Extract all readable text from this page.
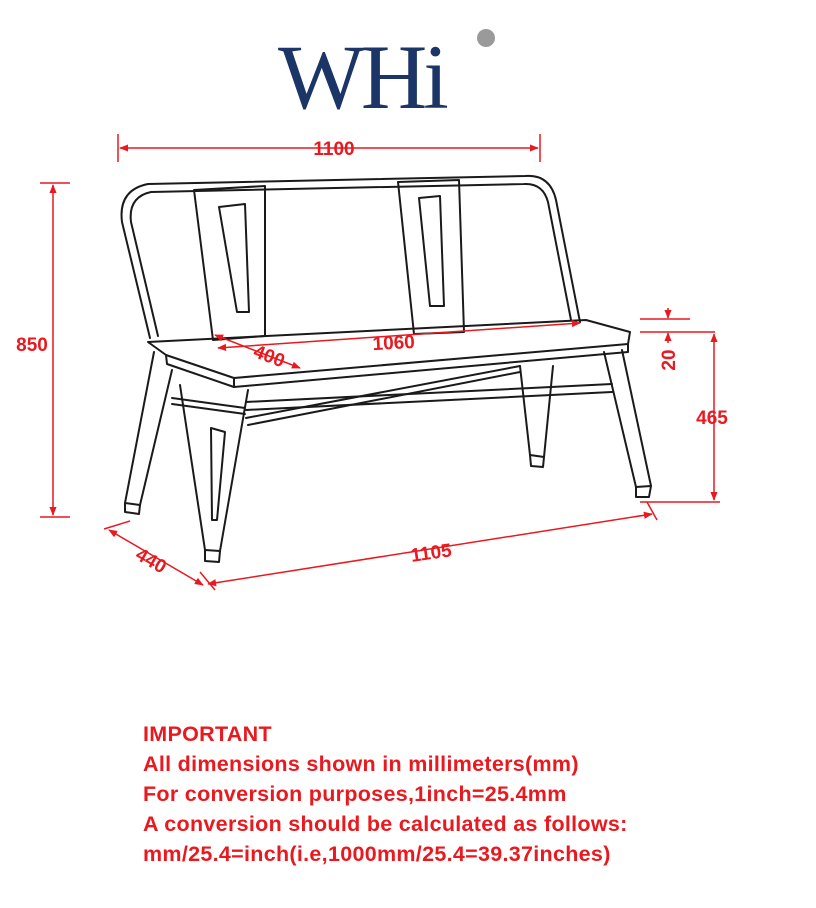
WHi
1100
850	1060
400	20
465
1105
440
IMPORTANT
All dimensions shown in millimeters(mm)
For conversion purposes,1inch=25.4mm
A conversion should be calculated as follows:
mm/25.4=inch(i.e,1000mm/25.4=39.37inches)
